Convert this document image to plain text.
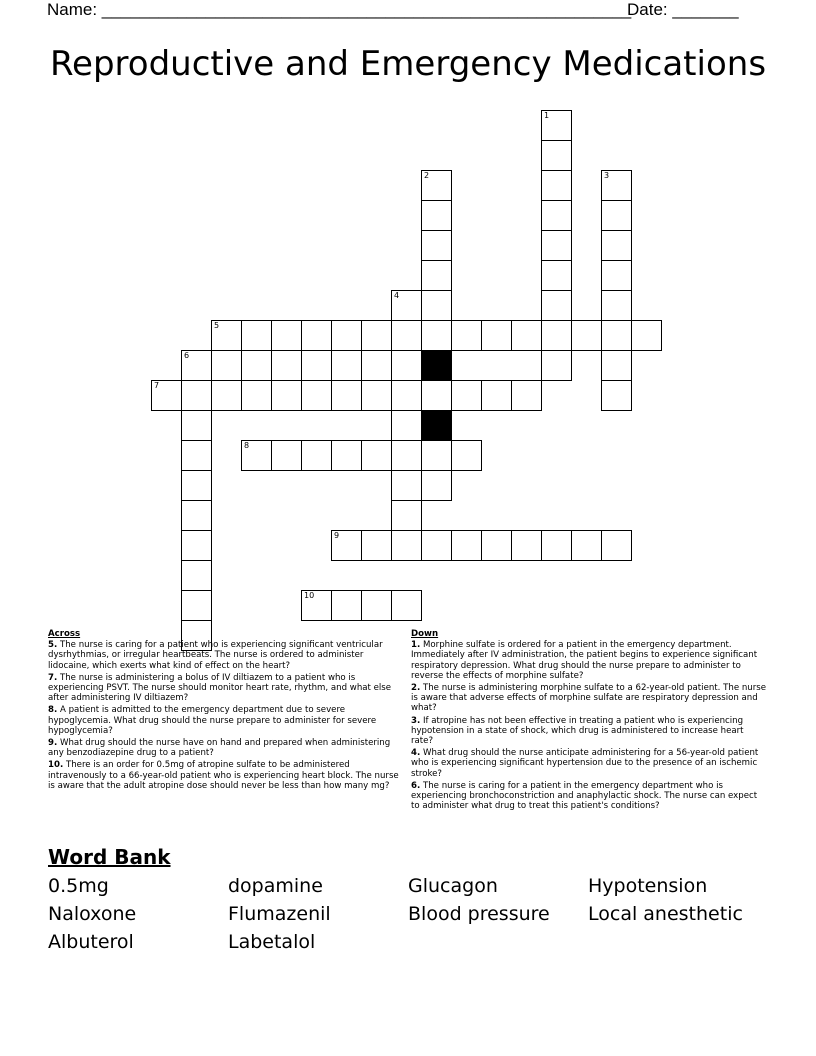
Name: ________________________________________________________
Date: _______
Reproductive and Emergency Medications
5
6
7
8
9
10
1
2	3
4
Across
5. The nurse is caring for a patient who is experiencing significant ventricular dysrhythmias, or irregular heartbeats. The nurse is ordered to administer lidocaine, which exerts what kind of effect on the heart?
7. The nurse is administering a bolus of IV diltiazem to a patient who is experiencing PSVT. The nurse should monitor heart rate, rhythm, and what else after administering IV diltiazem?
8. A patient is admitted to the emergency department due to severe hypoglycemia. What drug should the nurse prepare to administer for severe hypoglycemia?
9. What drug should the nurse have on hand and prepared when administering any benzodiazepine drug to a patient?
10. There is an order for 0.5mg of atropine sulfate to be administered intravenously to a 66-year-old patient who is experiencing heart block. The nurse is aware that the adult atropine dose should never be less than how many mg?
Down
1. Morphine sulfate is ordered for a patient in the emergency department. Immediately after IV administration, the patient begins to experience significant respiratory depression. What drug should the nurse prepare to administer to reverse the effects of morphine sulfate?
2. The nurse is administering morphine sulfate to a 62-year-old patient. The nurse is aware that adverse effects of morphine sulfate are respiratory depression and what?
3. If atropine has not been effective in treating a patient who is experiencing hypotension in a state of shock, which drug is administered to increase heart rate?
4. What drug should the nurse anticipate administering for a 56-year-old patient who is experiencing significant hypertension due to the presence of an ischemic stroke?
6. The nurse is caring for a patient in the emergency department who is experiencing bronchoconstriction and anaphylactic shock. The nurse can expect to administer what drug to treat this patient's conditions?
Word Bank
0.5mg	dopamine	Glucagon	Hypotension
Naloxone	Flumazenil	Blood pressure	Local anesthetic
Albuterol	Labetalol
